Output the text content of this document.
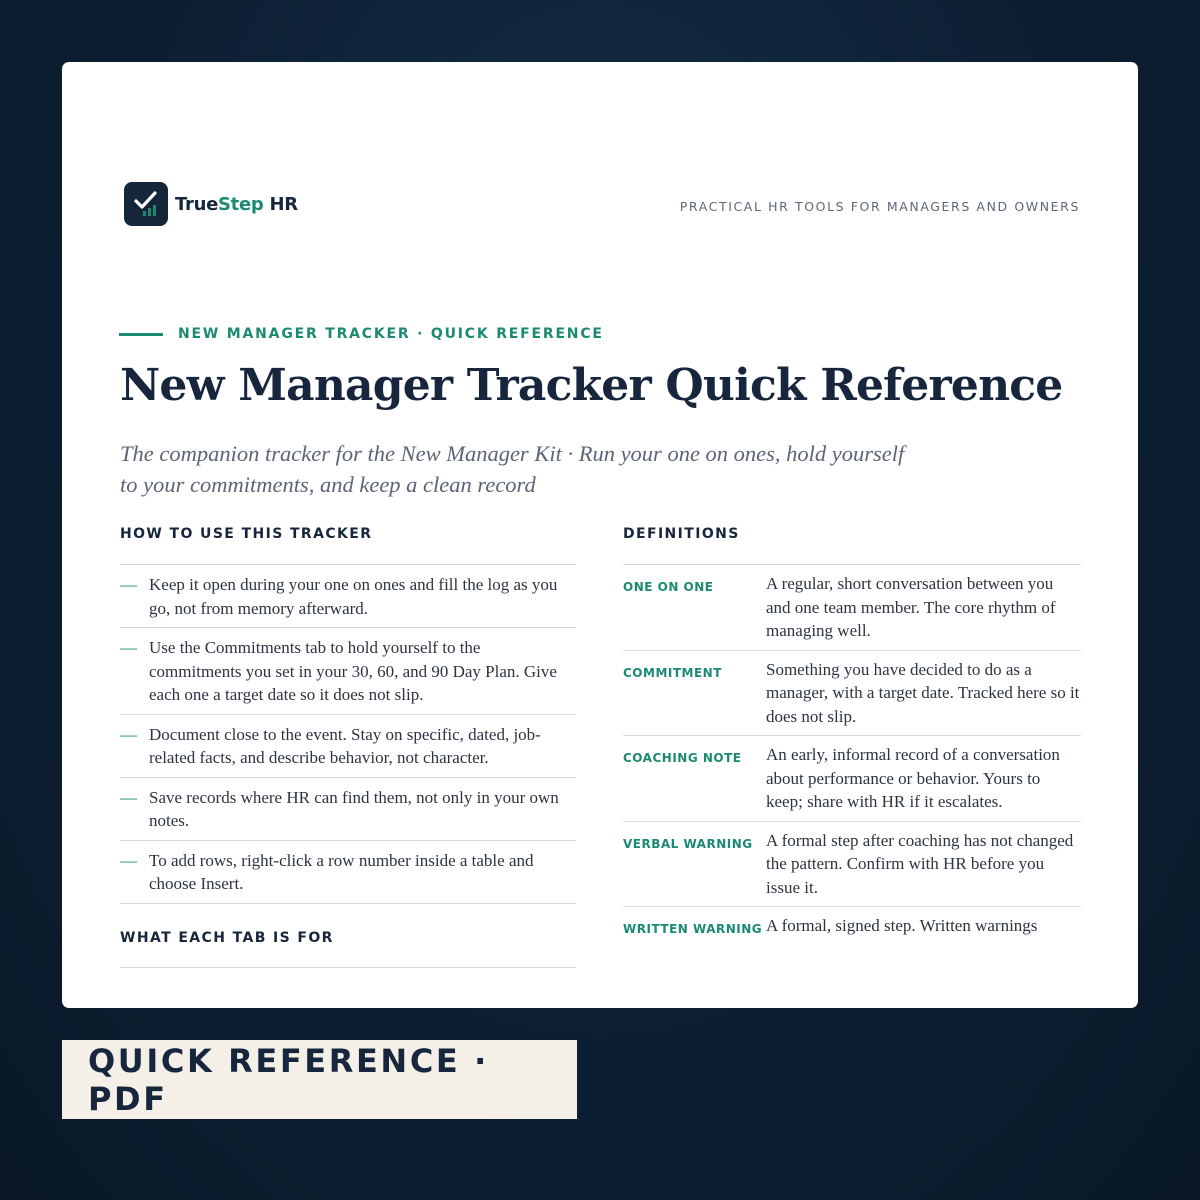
TrueStep HR	PRACTICAL HR TOOLS FOR MANAGERS AND OWNERS
NEW MANAGER TRACKER · QUICK REFERENCE
New Manager Tracker Quick Reference

The companion tracker for the New Manager Kit · Run your one on ones, hold yourself to your commitments, and keep a clean record

HOW TO USE THIS TRACKER
— Keep it open during your one on ones and fill the log as you go, not from memory afterward.
— Use the Commitments tab to hold yourself to the commitments you set in your 30, 60, and 90 Day Plan. Give each one a target date so it does not slip.
— Document close to the event. Stay on specific, dated, job-related facts, and describe behavior, not character.
— Save records where HR can find them, not only in your own notes.
— To add rows, right-click a row number inside a table and choose Insert.
WHAT EACH TAB IS FOR
DEFINITIONS
ONE ON ONE	A regular, short conversation between you and one team member. The core rhythm of managing well.
COMMITMENT	Something you have decided to do as a manager, with a target date. Tracked here so it does not slip.
COACHING NOTE	An early, informal record of a conversation about performance or behavior. Yours to keep; share with HR if it escalates.
VERBAL WARNING A formal step after coaching has not changed the pattern. Confirm with HR before you issue it.
WRITTEN WARNING A formal, signed step. Written warnings
QUICK REFERENCE · PDF
